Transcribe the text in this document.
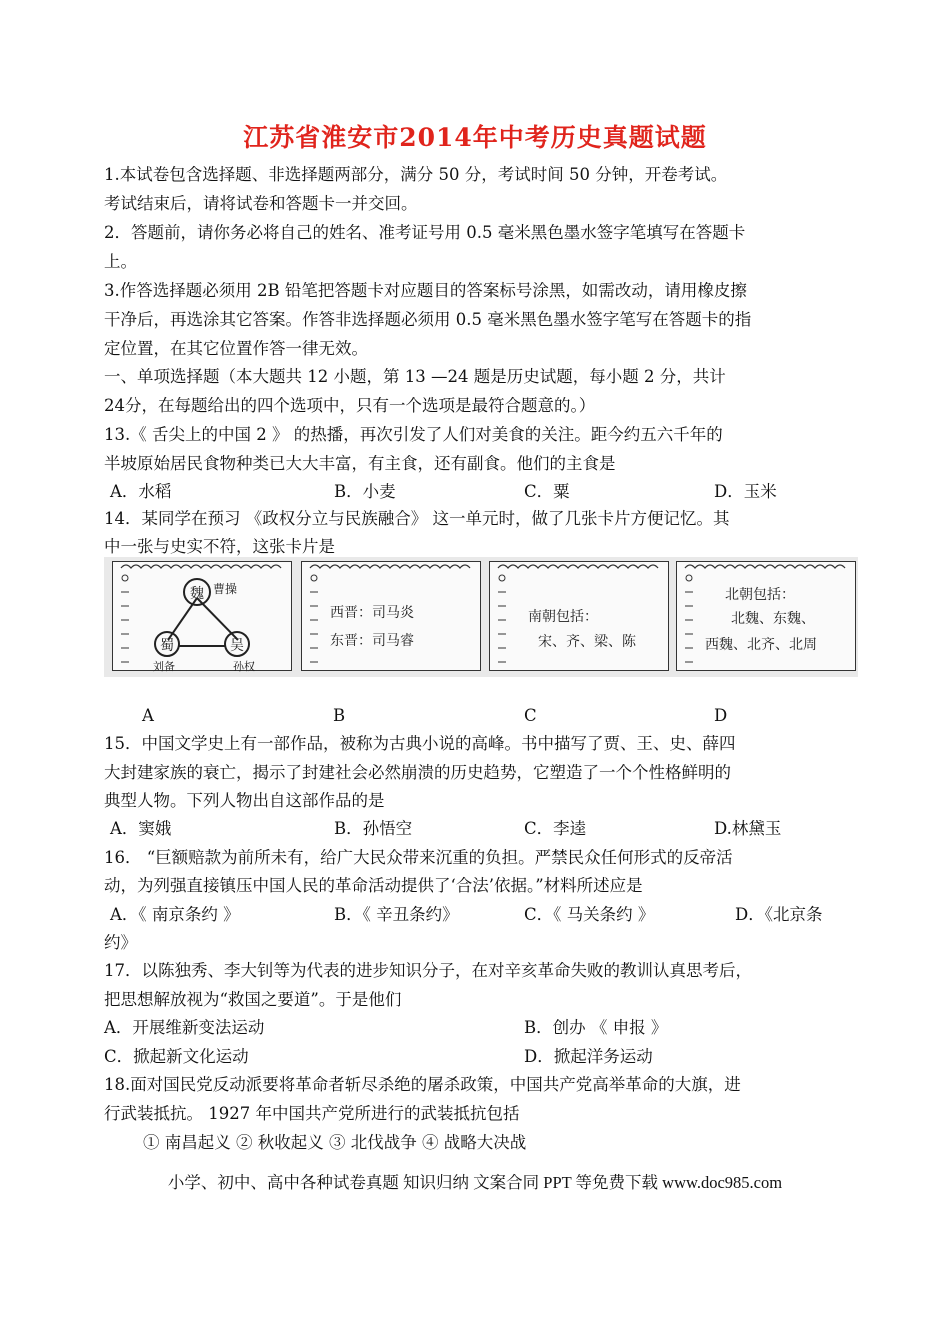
江苏省淮安市2014年中考历史真题试题
1.本试卷包含选择题、非选择题两部分，满分 50 分，考试时间 50 分钟，开卷考试。
考试结束后，请将试卷和答题卡一并交回。
2．答题前，请你务必将自己的姓名、准考证号用 0.5 毫米黑色墨水签字笔填写在答题卡
上。
3.作答选择题必须用 2B 铅笔把答题卡对应题目的答案标号涂黑，如需改动，请用橡皮擦
干净后，再选涂其它答案。作答非选择题必须用 0.5 毫米黑色墨水签字笔写在答题卡的指
定位置，在其它位置作答一律无效。
一、单项选择题（本大题共 12 小题，第 13 —24 题是历史试题，每小题 2 分，共计
24分，在每题给出的四个选项中，只有一个选项是最符合题意的。）
13.《 舌尖上的中国 2 》 的热播，再次引发了人们对美食的关注。距今约五六千年的
半坡原始居民食物种类已大大丰富，有主食，还有副食。他们的主食是
A．水稻	B．小麦	C．粟	D．玉米
14．某同学在预习 《政权分立与民族融合》 这一单元时，做了几张卡片方便记忆。其
中一张与史实不符，这张卡片是
魏 曹操
蜀
刘备
吴
孙权
西晋：司马炎
东晋：司马睿
南朝包括：
宋、齐、梁、陈
北朝包括：
北魏、东魏、
西魏、北齐、北周
A	B	C	D
15．中国文学史上有一部作品，被称为古典小说的高峰。书中描写了贾、王、史、薛四
大封建家族的衰亡，揭示了封建社会必然崩溃的历史趋势，它塑造了一个个性格鲜明的
典型人物。下列人物出自这部作品的是
A．窦娥	B．孙悟空	C．李逵	D.林黛玉
16． “巨额赔款为前所未有，给广大民众带来沉重的负担。严禁民众任何形式的反帝活
动，为列强直接镇压中国人民的革命活动提供了‘合法’依据。”材料所述应是
A．《 南京条约 》	B．《 辛丑条约》	C．《 马关条约 》	D．《北京条
约》
17．以陈独秀、李大钊等为代表的进步知识分子，在对辛亥革命失败的教训认真思考后，
把思想解放视为“救国之要道”。于是他们
A．开展维新变法运动	B．创办 《 申报 》
C．掀起新文化运动	D．掀起洋务运动
18.面对国民党反动派要将革命者斩尽杀绝的屠杀政策，中国共产党高举革命的大旗，进
行武装抵抗。 1927 年中国共产党所进行的武装抵抗包括
① 南昌起义 ② 秋收起义 ③ 北伐战争 ④ 战略大决战
小学、初中、高中各种试卷真题 知识归纳 文案合同 PPT 等免费下载 www.doc985.com
